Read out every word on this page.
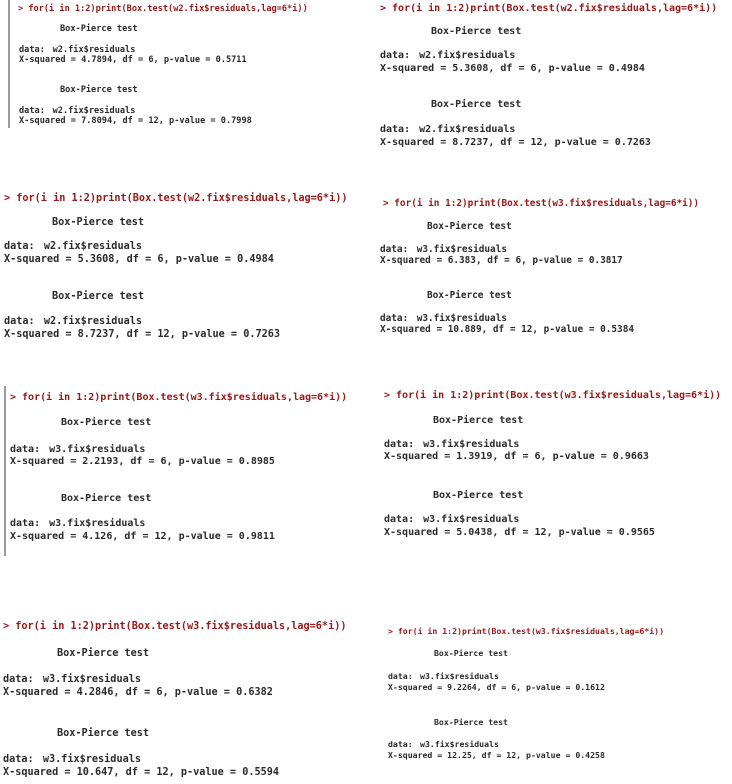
> for(i in 1:2)print(Box.test(w2.fix$residuals,lag=6*i))
Box-Pierce test
data: w2.fix$residuals
X-squared = 4.7894, df = 6, p-value = 0.5711
Box-Pierce test
data: w2.fix$residuals
X-squared = 7.8094, df = 12, p-value = 0.7998
> for(i in 1:2)print(Box.test(w2.fix$residuals,lag=6*i))
Box-Pierce test
data: w2.fix$residuals
X-squared = 5.3608, df = 6, p-value = 0.4984
Box-Pierce test
data: w2.fix$residuals
X-squared = 8.7237, df = 12, p-value = 0.7263
> for(i in 1:2)print(Box.test(w2.fix$residuals,lag=6*i))
Box-Pierce test
data: w2.fix$residuals
X-squared = 5.3608, df = 6, p-value = 0.4984
Box-Pierce test
data: w2.fix$residuals
X-squared = 8.7237, df = 12, p-value = 0.7263
> for(i in 1:2)print(Box.test(w3.fix$residuals,lag=6*i))
Box-Pierce test
data: w3.fix$residuals
X-squared = 6.383, df = 6, p-value = 0.3817
Box-Pierce test
data: w3.fix$residuals
X-squared = 10.889, df = 12, p-value = 0.5384
> for(i in 1:2)print(Box.test(w3.fix$residuals,lag=6*i))
Box-Pierce test
data: w3.fix$residuals
X-squared = 2.2193, df = 6, p-value = 0.8985
Box-Pierce test
data: w3.fix$residuals
X-squared = 4.126, df = 12, p-value = 0.9811
> for(i in 1:2)print(Box.test(w3.fix$residuals,lag=6*i))
Box-Pierce test
data: w3.fix$residuals
X-squared = 1.3919, df = 6, p-value = 0.9663
Box-Pierce test
data: w3.fix$residuals
X-squared = 5.0438, df = 12, p-value = 0.9565
> for(i in 1:2)print(Box.test(w3.fix$residuals,lag=6*i))
Box-Pierce test
data: w3.fix$residuals
X-squared = 4.2846, df = 6, p-value = 0.6382
Box-Pierce test
data: w3.fix$residuals
X-squared = 10.647, df = 12, p-value = 0.5594
> for(i in 1:2)print(Box.test(w3.fix$residuals,lag=6*i))
Box-Pierce test
data: w3.fix$residuals
X-squared = 9.2264, df = 6, p-value = 0.1612
Box-Pierce test
data: w3.fix$residuals
X-squared = 12.25, df = 12, p-value = 0.4258
